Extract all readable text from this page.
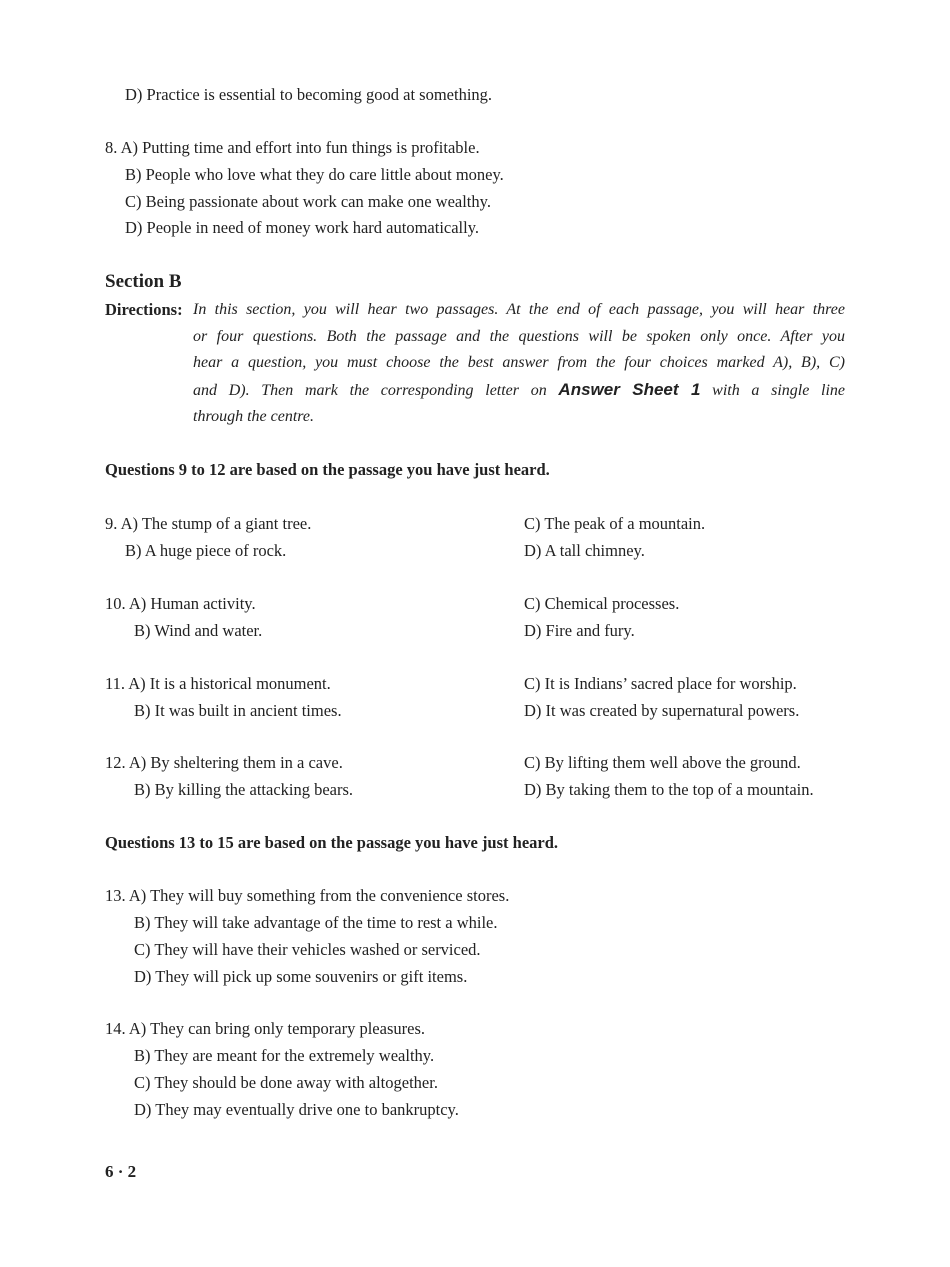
D) Practice is essential to becoming good at something.
8. A) Putting time and effort into fun things is profitable.
B) People who love what they do care little about money.
C) Being passionate about work can make one wealthy.
D) People in need of money work hard automatically.
Section B
Directions: In this section, you will hear two passages. At the end of each passage, you will hear three
or four questions. Both the passage and the questions will be spoken only once. After you
hear a question, you must choose the best answer from the four choices marked A), B), C)
and D). Then mark the corresponding letter on Answer Sheet 1 with a single line
through the centre.
Questions 9 to 12 are based on the passage you have just heard.
9. A) The stump of a giant tree.
B) A huge piece of rock.
C) The peak of a mountain.
D) A tall chimney.
10. A) Human activity.
B) Wind and water.
C) Chemical processes.
D) Fire and fury.
11. A) It is a historical monument.
B) It was built in ancient times.
C) It is Indians’ sacred place for worship.
D) It was created by supernatural powers.
12. A) By sheltering them in a cave.
B) By killing the attacking bears.
C) By lifting them well above the ground.
D) By taking them to the top of a mountain.
Questions 13 to 15 are based on the passage you have just heard.
13. A) They will buy something from the convenience stores.
B) They will take advantage of the time to rest a while.
C) They will have their vehicles washed or serviced.
D) They will pick up some souvenirs or gift items.
14. A) They can bring only temporary pleasures.
B) They are meant for the extremely wealthy.
C) They should be done away with altogether.
D) They may eventually drive one to bankruptcy.
6 · 2
